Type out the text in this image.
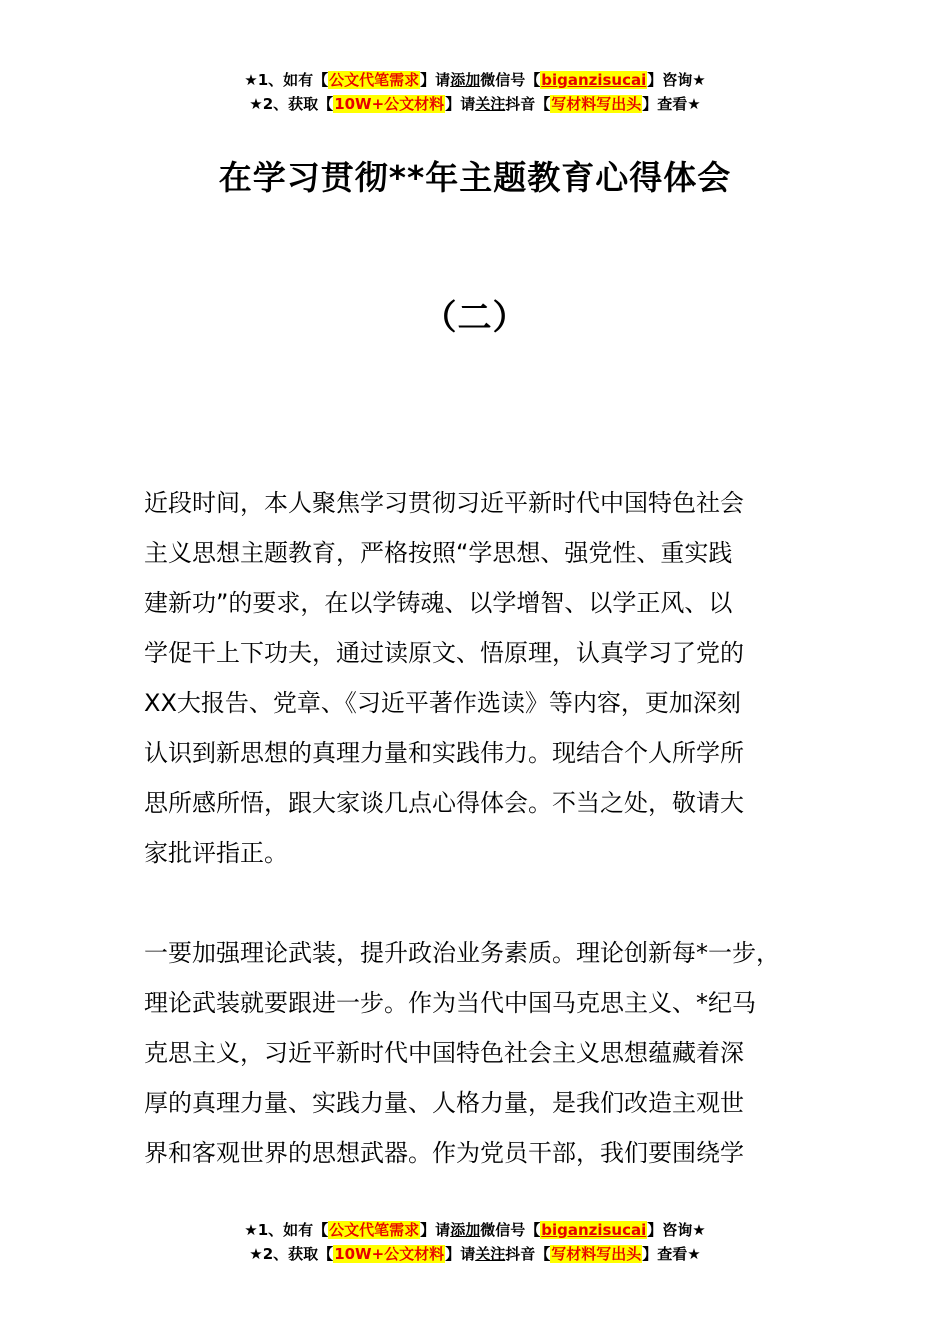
★1、如有【公文代笔需求】请添加微信号【biganzisucai】咨询★
★2、获取【10W+公文材料】请关注抖音【写材料写出头】查看★
在学习贯彻**年主题教育心得体会
（二）
近段时间，本人聚焦学习贯彻习近平新时代中国特色社会
主义思想主题教育，严格按照“学思想、强党性、重实践
建新功”的要求，在以学铸魂、以学增智、以学正风、以
学促干上下功夫，通过读原文、悟原理，认真学习了党的
XX大报告、党章、《习近平著作选读》等内容，更加深刻
认识到新思想的真理力量和实践伟力。现结合个人所学所
思所感所悟，跟大家谈几点心得体会。不当之处，敬请大
家批评指正。
一要加强理论武装，提升政治业务素质。理论创新每*一步，
理论武装就要跟进一步。作为当代中国马克思主义、*纪马
克思主义，习近平新时代中国特色社会主义思想蕴藏着深
厚的真理力量、实践力量、人格力量，是我们改造主观世
界和客观世界的思想武器。作为党员干部，我们要围绕学
★1、如有【公文代笔需求】请添加微信号【biganzisucai】咨询★
★2、获取【10W+公文材料】请关注抖音【写材料写出头】查看★
